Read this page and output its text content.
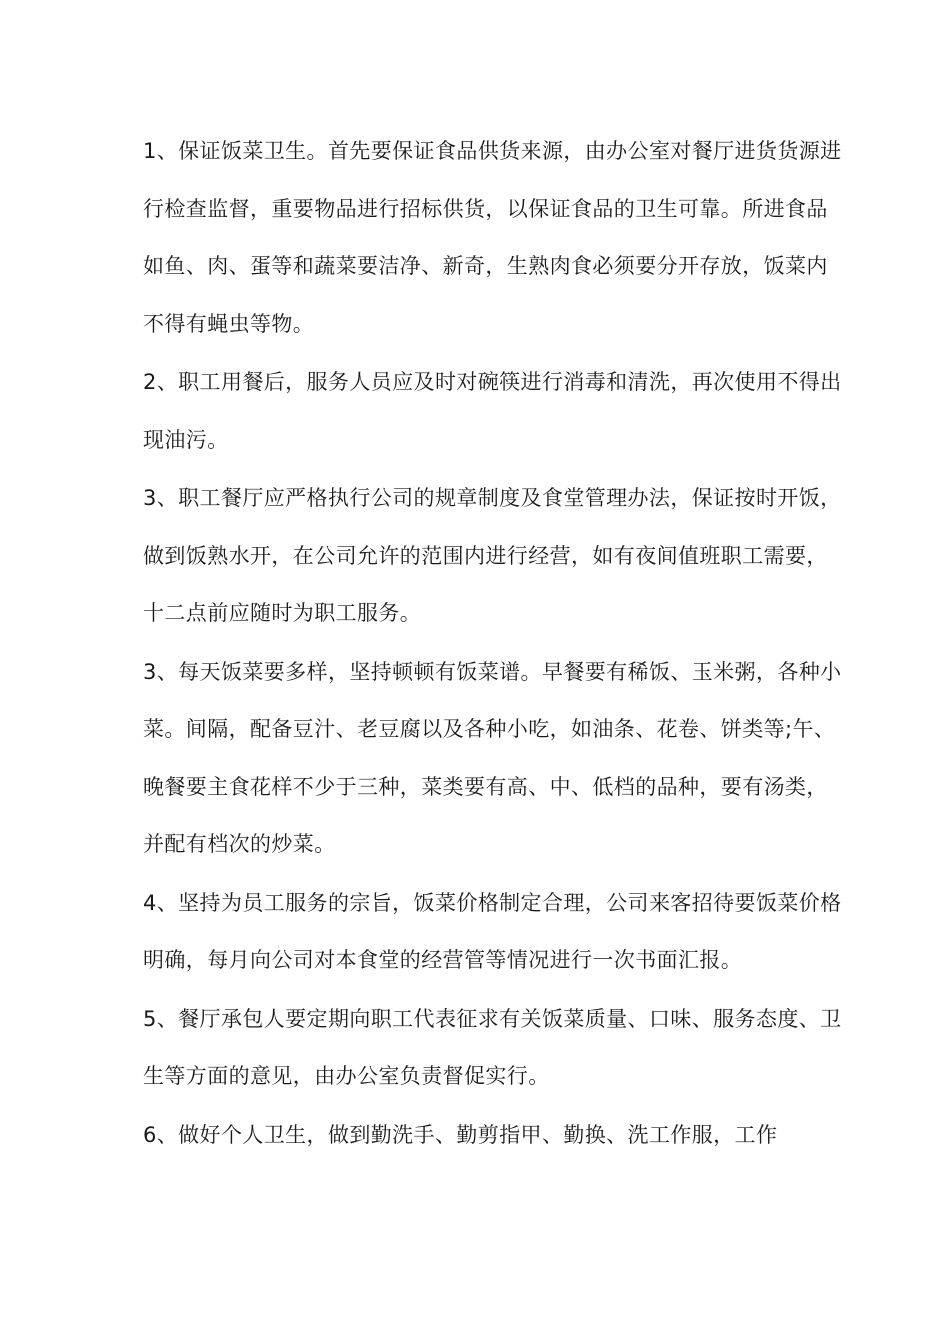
1、保证饭菜卫生。首先要保证食品供货来源，由办公室对餐厅进货货源进行检查监督，重要物品进行招标供货，以保证食品的卫生可靠。所进食品如鱼、肉、蛋等和蔬菜要洁净、新奇，生熟肉食必须要分开存放，饭菜内不得有蝇虫等物。

2、职工用餐后，服务人员应及时对碗筷进行消毒和清洗，再次使用不得出现油污。

3、职工餐厅应严格执行公司的规章制度及食堂管理办法，保证按时开饭，做到饭熟水开，在公司允许的范围内进行经营，如有夜间值班职工需要，十二点前应随时为职工服务。

3、每天饭菜要多样，坚持顿顿有饭菜谱。早餐要有稀饭、玉米粥，各种小菜。间隔，配备豆汁、老豆腐以及各种小吃，如油条、花卷、饼类等;午、晚餐要主食花样不少于三种，菜类要有高、中、低档的品种，要有汤类，并配有档次的炒菜。

4、坚持为员工服务的宗旨，饭菜价格制定合理，公司来客招待要饭菜价格明确，每月向公司对本食堂的经营管等情况进行一次书面汇报。

5、餐厅承包人要定期向职工代表征求有关饭菜质量、口味、服务态度、卫生等方面的意见，由办公室负责督促实行。

6、做好个人卫生，做到勤洗手、勤剪指甲、勤换、洗工作服，工作
